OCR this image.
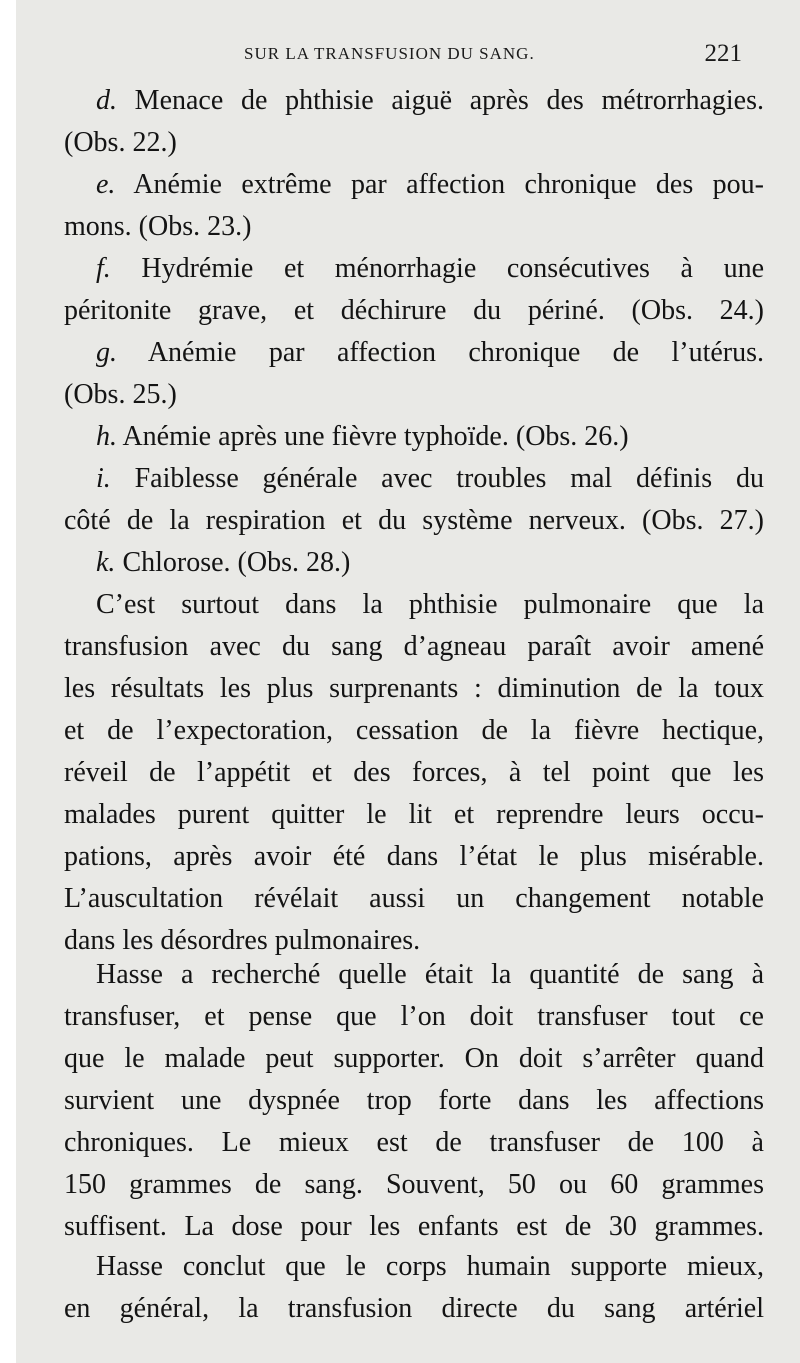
SUR LA TRANSFUSION DU SANG.	221
d. Menace de phthisie aiguë après des métrorrhagies.
(Obs. 22.)
e. Anémie extrême par affection chronique des pou-
mons. (Obs. 23.)
f. Hydrémie et ménorrhagie consécutives à une
péritonite grave, et déchirure du périné. (Obs. 24.)
g. Anémie par affection chronique de l’utérus.
(Obs. 25.)
h. Anémie après une fièvre typhoïde. (Obs. 26.)
i. Faiblesse générale avec troubles mal définis du
côté de la respiration et du système nerveux. (Obs. 27.)
k. Chlorose. (Obs. 28.)
C’est surtout dans la phthisie pulmonaire que la
transfusion avec du sang d’agneau paraît avoir amené
les résultats les plus surprenants : diminution de la toux
et de l’expectoration, cessation de la fièvre hectique,
réveil de l’appétit et des forces, à tel point que les
malades purent quitter le lit et reprendre leurs occu-
pations, après avoir été dans l’état le plus misérable.
L’auscultation révélait aussi un changement notable
dans les désordres pulmonaires.
Hasse a recherché quelle était la quantité de sang à
transfuser, et pense que l’on doit transfuser tout ce
que le malade peut supporter. On doit s’arrêter quand
survient une dyspnée trop forte dans les affections
chroniques. Le mieux est de transfuser de 100 à
150 grammes de sang. Souvent, 50 ou 60 grammes
suffisent. La dose pour les enfants est de 30 grammes.
Hasse conclut que le corps humain supporte mieux,
en général, la transfusion directe du sang artériel
